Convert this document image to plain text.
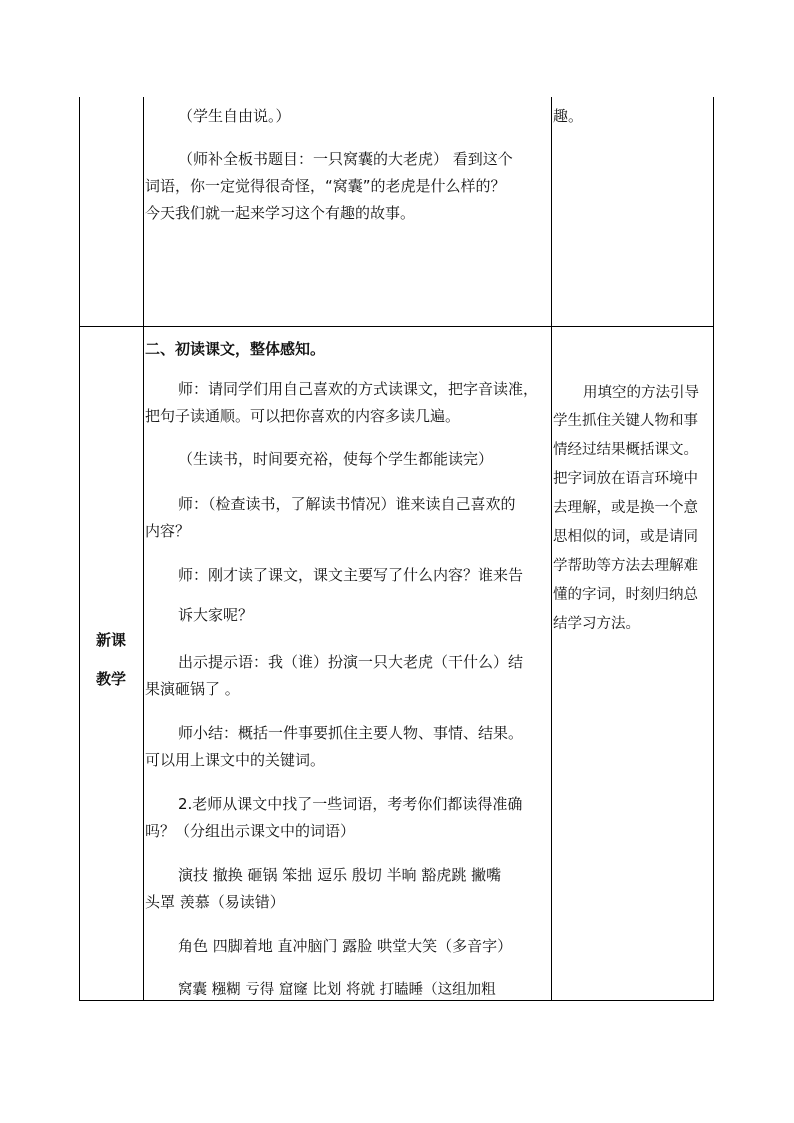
（学生自由说。）
（师补全板书题目：一只窝囊的大老虎） 看到这个
词语，你一定觉得很奇怪，“窝囊”的老虎是什么样的？
今天我们就一起来学习这个有趣的故事。
趣。
新课
教学
二、初读课文，整体感知。
师：请同学们用自己喜欢的方式读课文，把字音读准，
把句子读通顺。可以把你喜欢的内容多读几遍。
（生读书，时间要充裕，使每个学生都能读完）
师：（检查读书，了解读书情况）谁来读自己喜欢的
内容？
师：刚才读了课文，课文主要写了什么内容？谁来告
诉大家呢？
出示提示语：我（谁）扮演一只大老虎（干什么）结
果演砸锅了 。
师小结：概括一件事要抓住主要人物、事情、结果。
可以用上课文中的关键词。
2.老师从课文中找了一些词语，考考你们都读得准确
吗？（分组出示课文中的词语）
演技 撤换 砸锅 笨拙 逗乐 殷切 半晌 豁虎跳 撇嘴
头罩 羡慕（易读错）
角色 四脚着地 直冲脑门 露脸 哄堂大笑（多音字）
窝囊 糨糊 亏得 窟窿 比划 将就 打瞌睡（这组加粗
用填空的方法引导
学生抓住关键人物和事
情经过结果概括课文。
把字词放在语言环境中
去理解，或是换一个意
思相似的词，或是请同
学帮助等方法去理解难
懂的字词，时刻归纳总
结学习方法。
